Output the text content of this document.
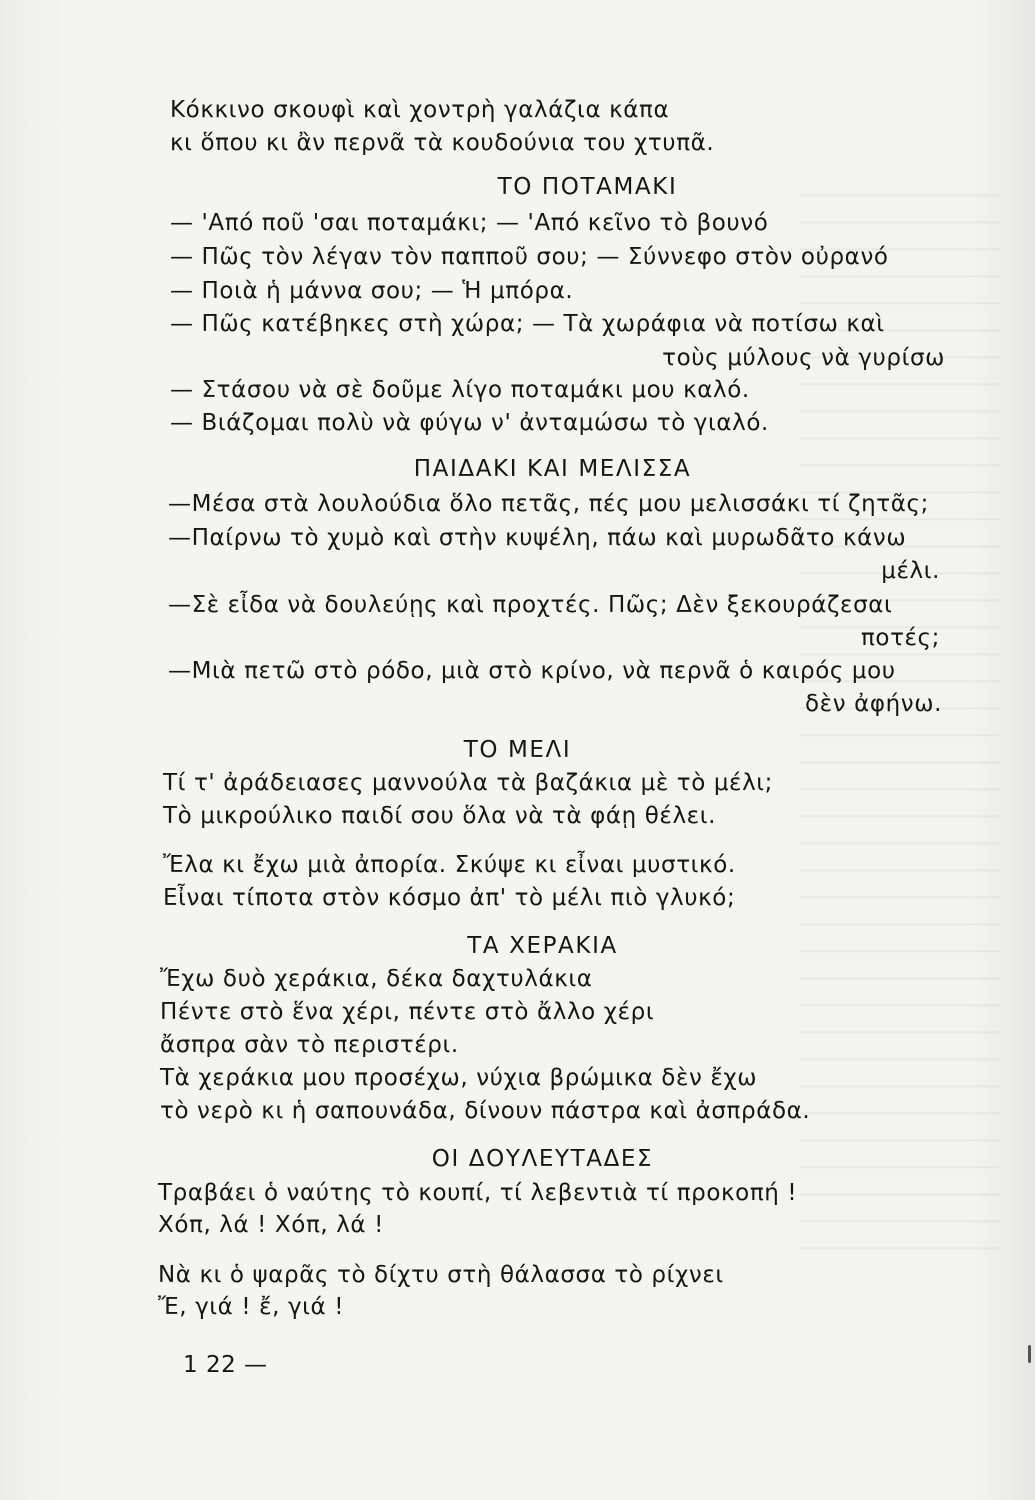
Κόκκινο σκουφὶ καὶ χοντρὴ γαλάζια κάπα
κι ὅπου κι ἂν περνᾶ τὰ κουδούνια του χτυπᾶ.
ΤΟ ΠΟΤΑΜΑΚΙ
— 'Από ποῦ 'σαι ποταμάκι; — 'Από κεῖνο τὸ βουνό
— Πῶς τὸν λέγαν τὸν παπποῦ σου; — Σύννεφο στὸν οὐρανό
— Ποιὰ ἡ μάννα σου; — Ἡ μπόρα.
— Πῶς κατέβηκες στὴ χώρα; — Τὰ χωράφια νὰ ποτίσω καὶ
τοὺς μύλους νὰ γυρίσω
— Στάσου νὰ σὲ δοῦμε λίγο ποταμάκι μου καλό.
— Βιάζομαι πολὺ νὰ φύγω ν' ἀνταμώσω τὸ γιαλό.
ΠΑΙΔΑΚΙ ΚΑΙ ΜΕΛΙΣΣΑ
—Μέσα στὰ λουλούδια ὅλο πετᾶς, πές μου μελισσάκι τί ζητᾶς;
—Παίρνω τὸ χυμὸ καὶ στὴν κυψέλη, πάω καὶ μυρωδᾶτο κάνω
μέλι.
—Σὲ εἶδα νὰ δουλεύῃς καὶ προχτές. Πῶς; Δὲν ξεκουράζεσαι
ποτές;
—Μιὰ πετῶ στὸ ρόδο, μιὰ στὸ κρίνο, νὰ περνᾶ ὁ καιρός μου
δὲν ἀφήνω.
ΤΟ ΜΕΛΙ
Τί τ' ἀράδειασες μαννούλα τὰ βαζάκια μὲ τὸ μέλι;
Τὸ μικρούλικο παιδί σου ὅλα νὰ τὰ φάῃ θέλει.
Ἔλα κι ἔχω μιὰ ἀπορία. Σκύψε κι εἶναι μυστικό.
Εἶναι τίποτα στὸν κόσμο ἀπ' τὸ μέλι πιὸ γλυκό;
ΤΑ ΧΕΡΑΚΙΑ
Ἔχω δυὸ χεράκια, δέκα δαχτυλάκια
Πέντε στὸ ἕνα χέρι, πέντε στὸ ἄλλο χέρι
ἄσπρα σὰν τὸ περιστέρι.
Τὰ χεράκια μου προσέχω, νύχια βρώμικα δὲν ἔχω
τὸ νερὸ κι ἡ σαπουνάδα, δίνουν πάστρα καὶ ἀσπράδα.
ΟΙ ΔΟΥΛΕΥΤΑΔΕΣ
Τραβάει ὁ ναύτης τὸ κουπί, τί λεβεντιὰ τί προκοπή !
Χόπ, λά ! Χόπ, λά !
Νὰ κι ὁ ψαρᾶς τὸ δίχτυ στὴ θάλασσα τὸ ρίχνει
Ἔ, γιά ! ἔ, γιά !
1 22 —
